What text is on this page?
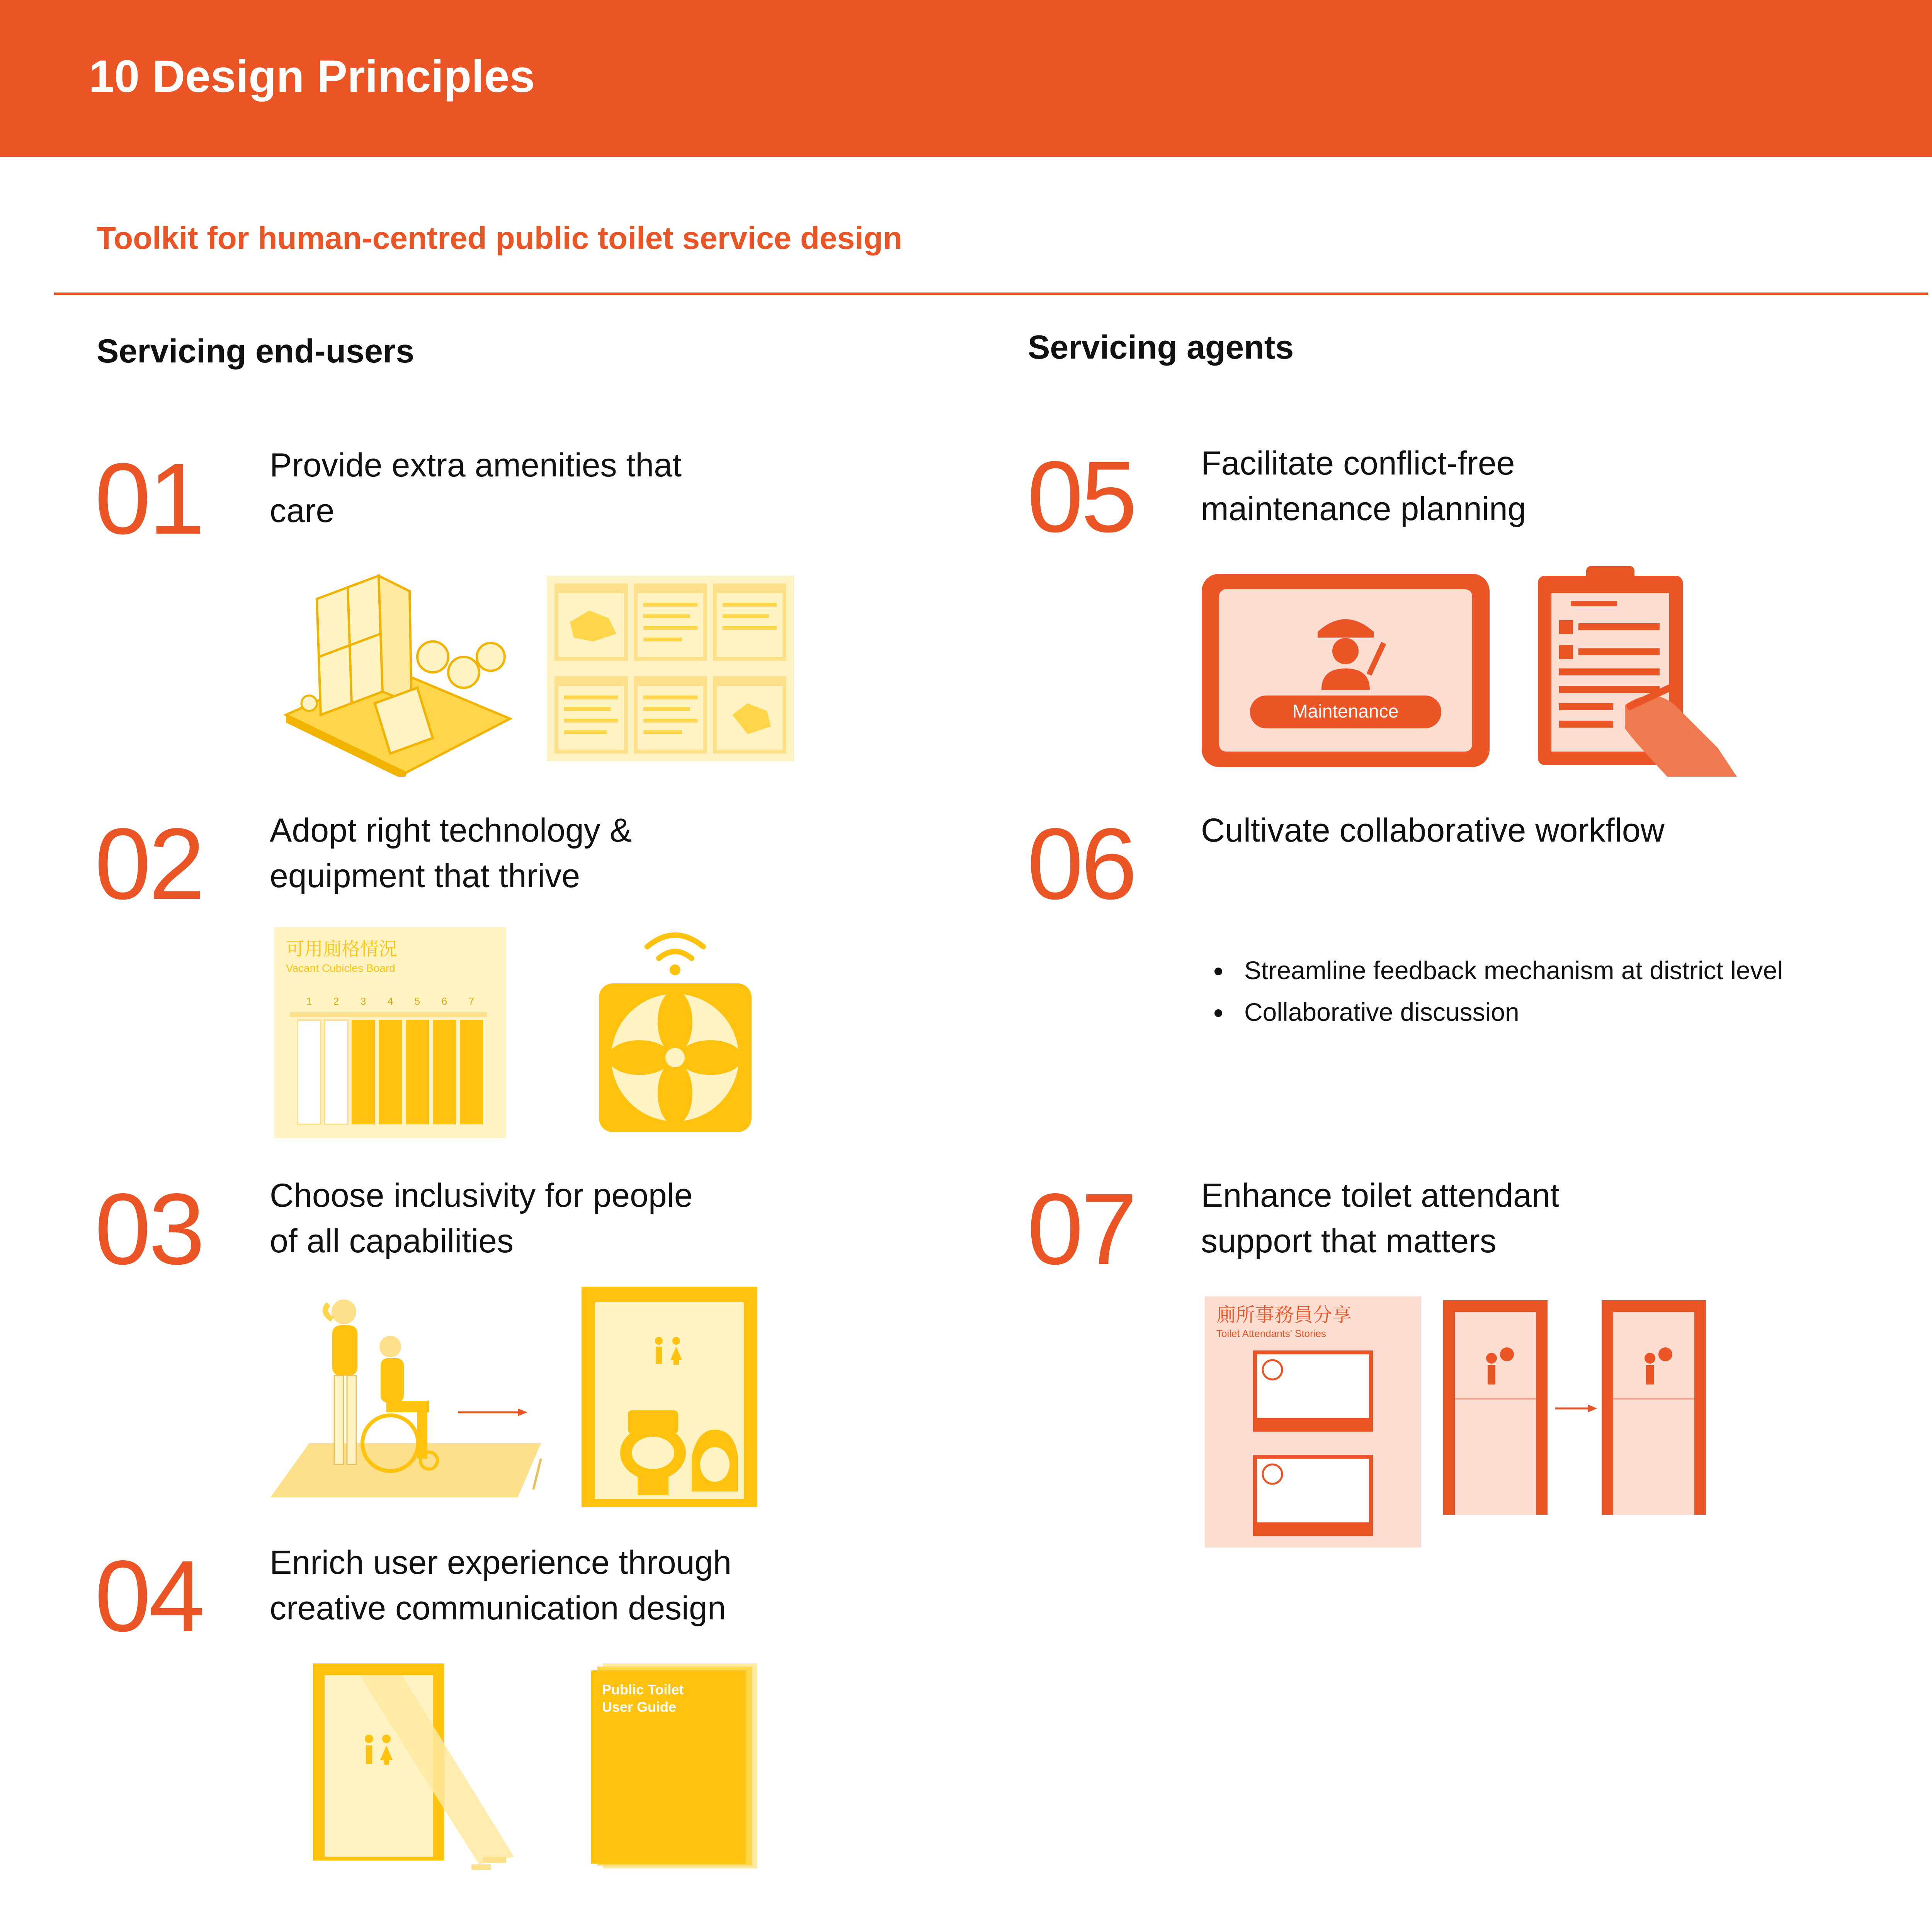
10 Design Principles
Toolkit for human-centred public toilet service design
Servicing end-users	Servicing agents
01 Provide extra amenities that care
02 Adopt right technology & equipment that thrive
可用廁格情況
Vacant Cubicles Board
1 2 3 4 5 6 7
03 Choose inclusivity for people of all capabilities
04 Enrich user experience through creative communication design
Public Toilet
User Guide
05 Facilitate conflict-free maintenance planning
Maintenance
06 Cultivate collaborative workflow
• Streamline feedback mechanism at district level
• Collaborative discussion
07 Enhance toilet attendant support that matters
廁所事務員分享
Toilet Attendants' Stories
